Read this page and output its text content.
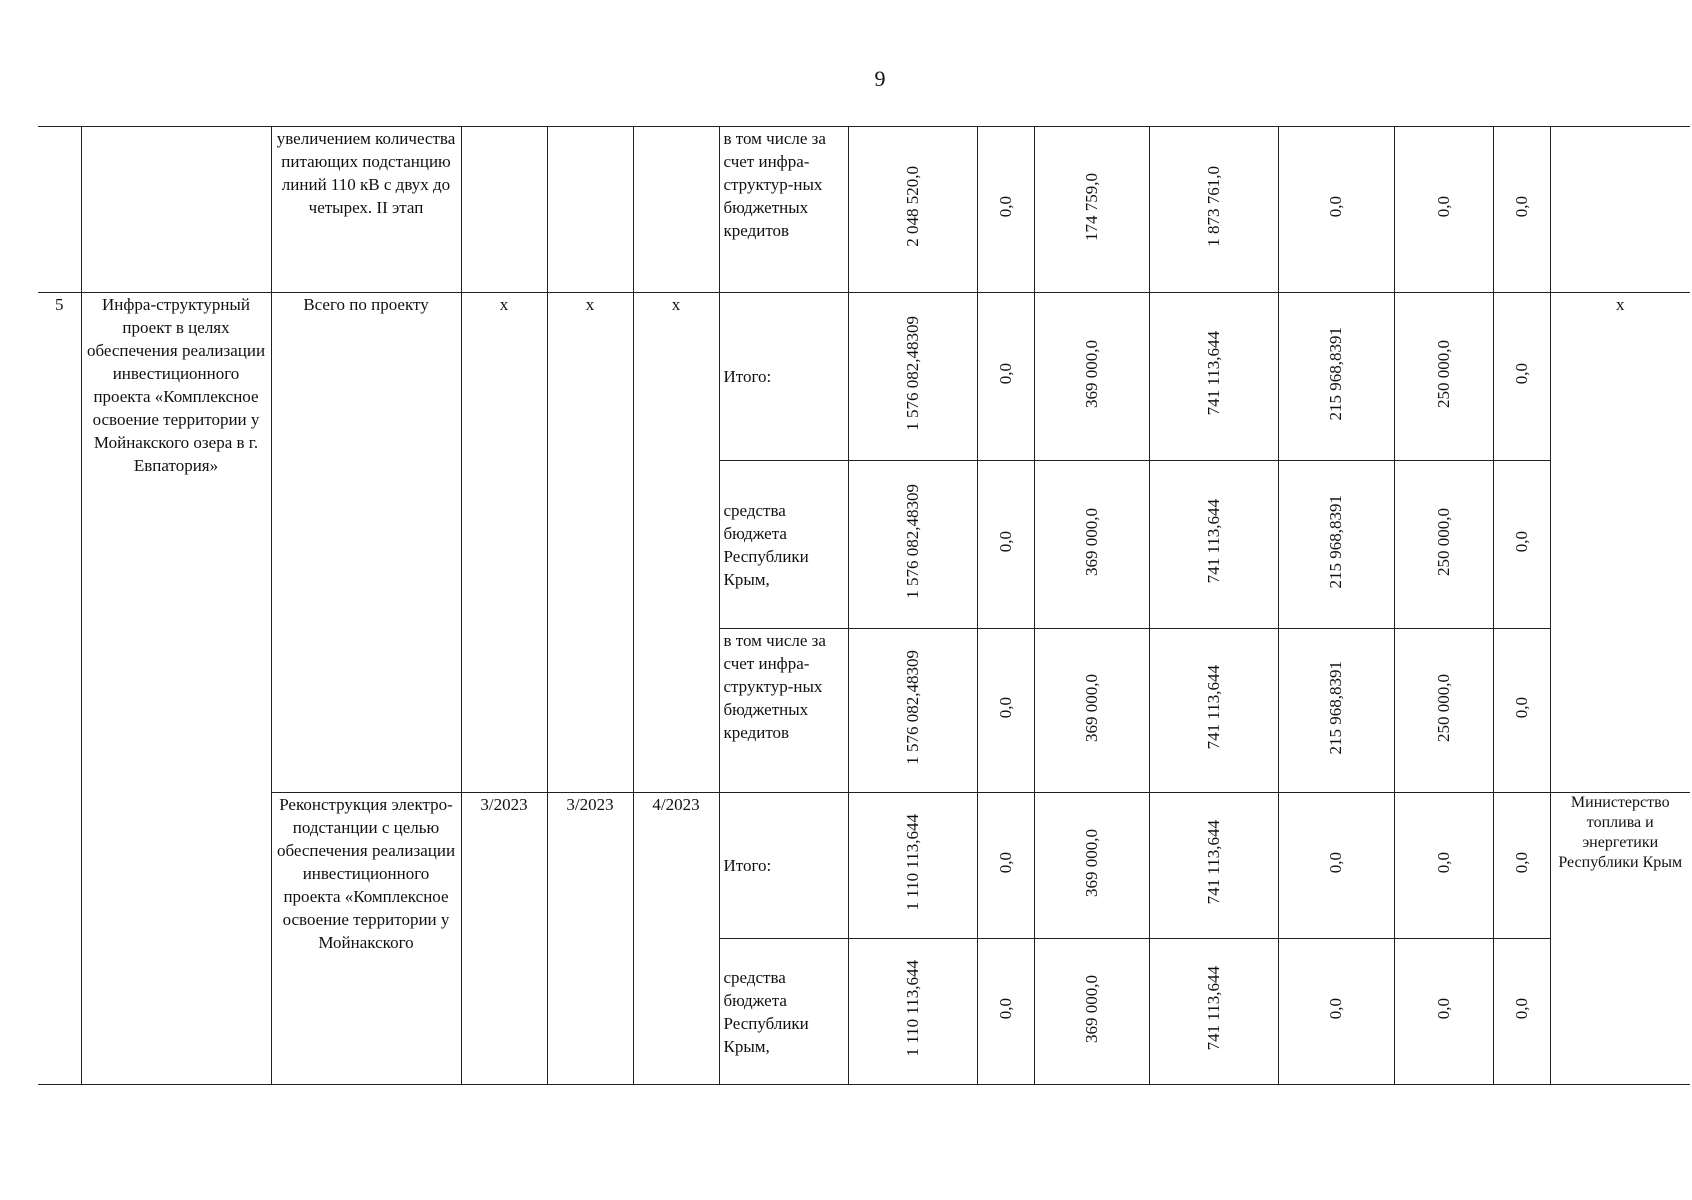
9
		увеличением количества питающих подстанцию линий 110 кВ с двух до четырех. II этап				в том числе за счет инфра-структур-ных бюджетных кредитов	2 048 520,0	0,0	174 759,0	1 873 761,0	0,0	0,0	0,0	
5	Инфра-структурный проект в целях обеспечения реализации инвестиционного проекта «Комплексное освоение территории у Мойнакского озера в г. Евпатория»	Всего по проекту	х	х	х	Итого:	1 576 082,48309	0,0	369 000,0	741 113,644	215 968,8391	250 000,0	0,0	х
						средства бюджета Республики Крым,	1 576 082,48309	0,0	369 000,0	741 113,644	215 968,8391	250 000,0	0,0	
						в том числе за счет инфра-структур-ных бюджетных кредитов	1 576 082,48309	0,0	369 000,0	741 113,644	215 968,8391	250 000,0	0,0	
		Реконструкция электро-подстанции с целью обеспечения реализации инвестиционного проекта «Комплексное освоение территории у Мойнакского	3/2023	3/2023	4/2023	Итого:	1 110 113,644	0,0	369 000,0	741 113,644	0,0	0,0	0,0	Министерство топлива и энергетики Республики Крым
						средства бюджета Республики Крым,	1 110 113,644	0,0	369 000,0	741 113,644	0,0	0,0	0,0	
